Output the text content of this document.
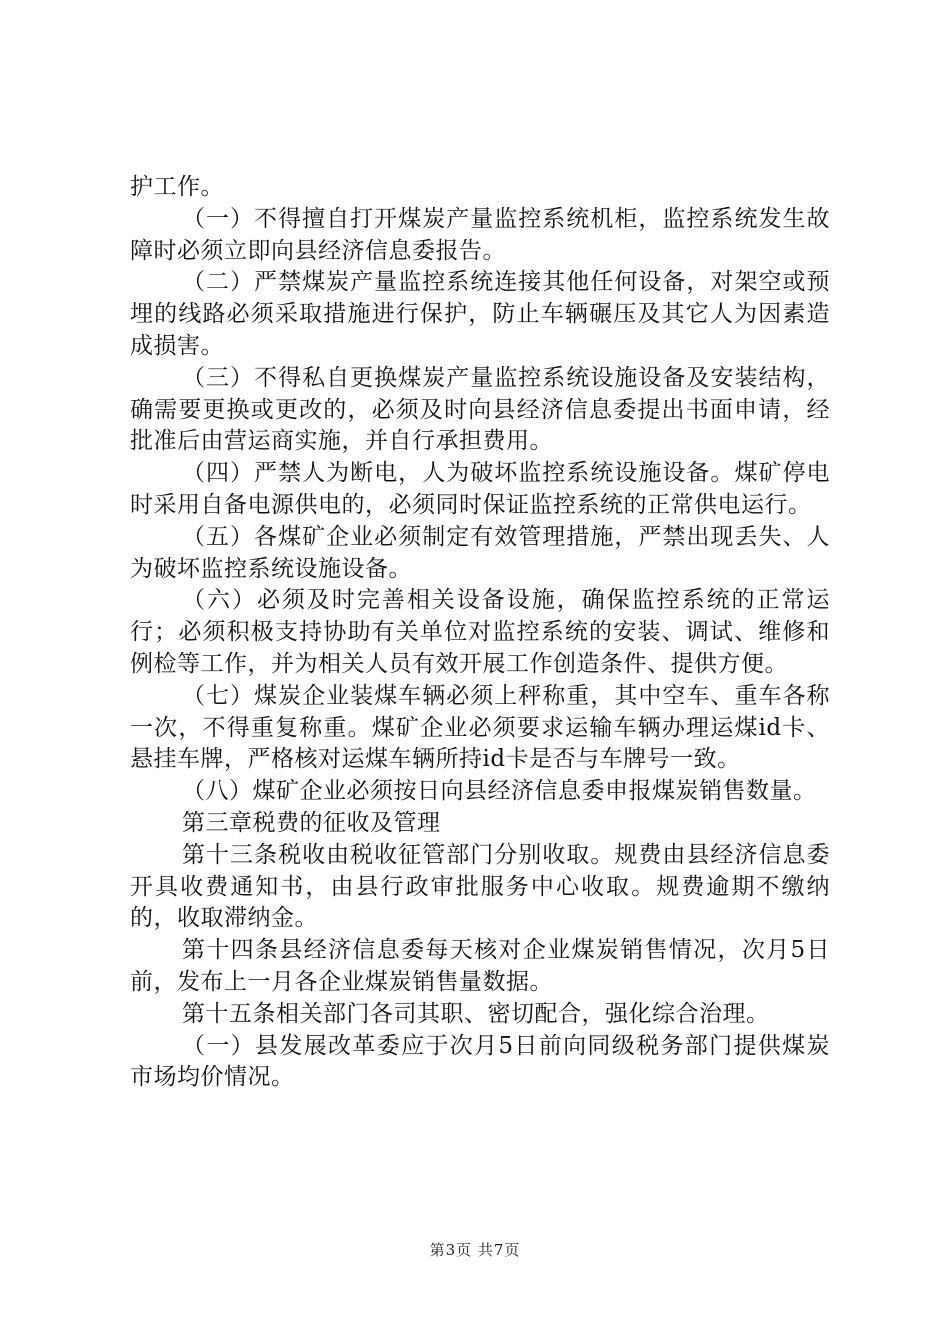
护工作。

（一）不得擅自打开煤炭产量监控系统机柜，监控系统发生故障时必须立即向县经济信息委报告。

（二）严禁煤炭产量监控系统连接其他任何设备，对架空或预埋的线路必须采取措施进行保护，防止车辆碾压及其它人为因素造成损害。

（三）不得私自更换煤炭产量监控系统设施设备及安装结构，确需要更换或更改的，必须及时向县经济信息委提出书面申请，经批准后由营运商实施，并自行承担费用。

（四）严禁人为断电，人为破坏监控系统设施设备。煤矿停电时采用自备电源供电的，必须同时保证监控系统的正常供电运行。

（五）各煤矿企业必须制定有效管理措施，严禁出现丢失、人为破坏监控系统设施设备。

（六）必须及时完善相关设备设施，确保监控系统的正常运行；必须积极支持协助有关单位对监控系统的安装、调试、维修和例检等工作，并为相关人员有效开展工作创造条件、提供方便。

（七）煤炭企业装煤车辆必须上秤称重，其中空车、重车各称一次，不得重复称重。煤矿企业必须要求运输车辆办理运煤id卡、悬挂车牌，严格核对运煤车辆所持id卡是否与车牌号一致。

（八）煤矿企业必须按日向县经济信息委申报煤炭销售数量。

第三章税费的征收及管理

第十三条税收由税收征管部门分别收取。规费由县经济信息委开具收费通知书，由县行政审批服务中心收取。规费逾期不缴纳的，收取滞纳金。

第十四条县经济信息委每天核对企业煤炭销售情况，次月5日前，发布上一月各企业煤炭销售量数据。

第十五条相关部门各司其职、密切配合，强化综合治理。

（一）县发展改革委应于次月5日前向同级税务部门提供煤炭市场均价情况。

第3页 共7页
